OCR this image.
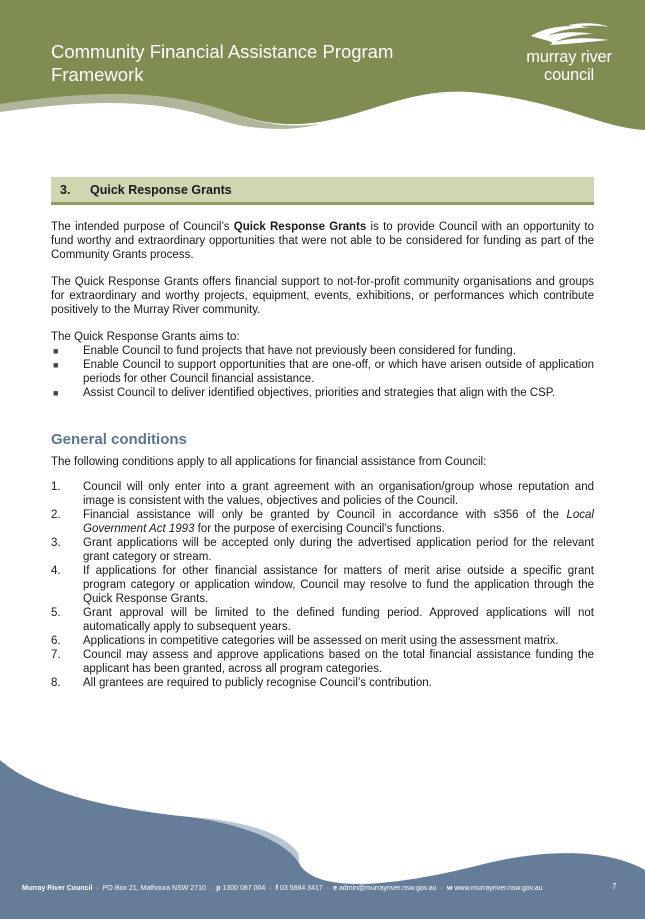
Community Financial Assistance Program
Framework
murray river
council
3.	Quick Response Grants

The intended purpose of Council’s Quick Response Grants is to provide Council with an opportunity to fund worthy and extraordinary opportunities that were not able to be considered for funding as part of the Community Grants process.

The Quick Response Grants offers financial support to not-for-profit community organisations and groups for extraordinary and worthy projects, equipment, events, exhibitions, or performances which contribute positively to the Murray River community.

The Quick Response Grants aims to:

■ Enable Council to fund projects that have not previously been considered for funding.
■ Enable Council to support opportunities that are one-off, or which have arisen outside of application periods for other Council financial assistance.
■ Assist Council to deliver identified objectives, priorities and strategies that align with the CSP.
General conditions

The following conditions apply to all applications for financial assistance from Council:

1. Council will only enter into a grant agreement with an organisation/group whose reputation and image is consistent with the values, objectives and policies of the Council.
2. Financial assistance will only be granted by Council in accordance with s356 of the Local Government Act 1993 for the purpose of exercising Council’s functions.
3. Grant applications will be accepted only during the advertised application period for the relevant grant category or stream.
4. If applications for other financial assistance for matters of merit arise outside a specific grant program category or application window, Council may resolve to fund the application through the Quick Response Grants.
5. Grant approval will be limited to the defined funding period. Approved applications will not automatically apply to subsequent years.
6. Applications in competitive categories will be assessed on merit using the assessment matrix.
7. Council may assess and approve applications based on the total financial assistance funding the applicant has been granted, across all program categories.
8. All grantees are required to publicly recognise Council’s contribution.
Murray River Council · PO Box 21, Mathoura NSW 2710 · p 1300 087 004 · f 03 5884 3417 · e admin@murrayriver.nsw.gov.au · w www.murrayriver.nsw.gov.au	7
